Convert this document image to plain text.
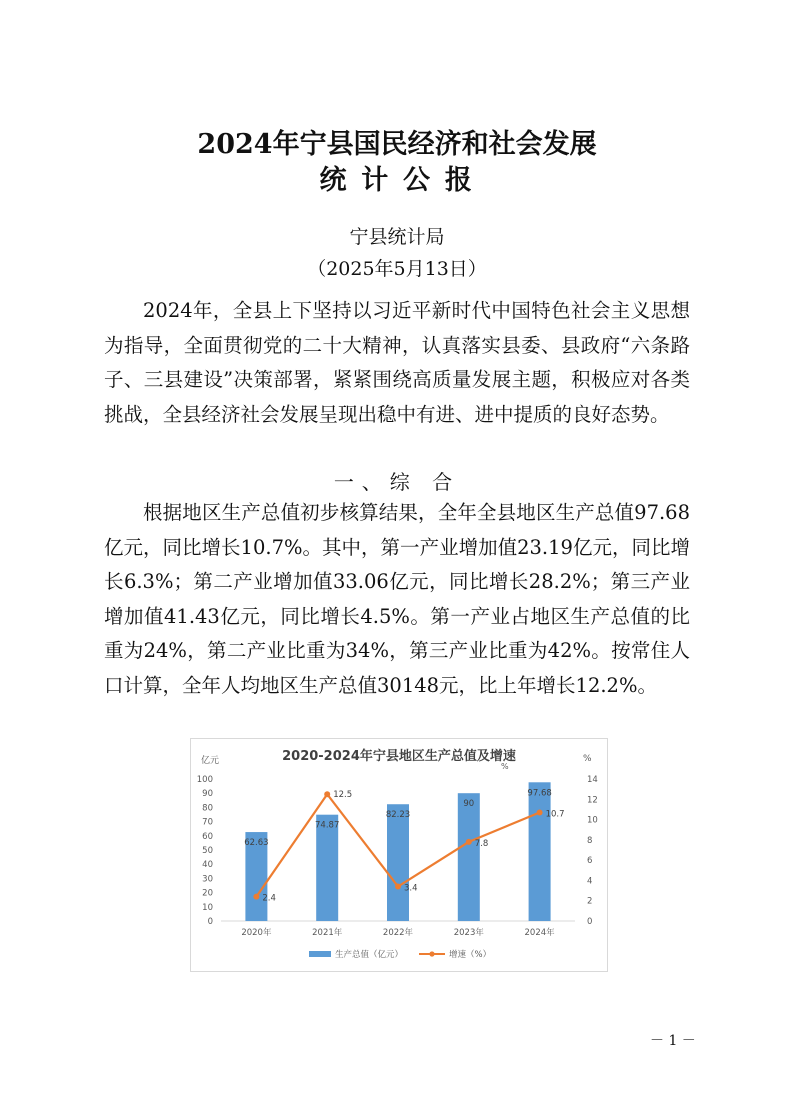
2024年宁县国民经济和社会发展
统 计 公 报
宁县统计局
（2025年5月13日）

2024年，全县上下坚持以习近平新时代中国特色社会主义思想为指导，全面贯彻党的二十大精神，认真落实县委、县政府“六条路子、三县建设”决策部署，紧紧围绕高质量发展主题，积极应对各类挑战，全县经济社会发展呈现出稳中有进、进中提质的良好态势。

一、综 合

根据地区生产总值初步核算结果，全年全县地区生产总值97.68亿元，同比增长10.7%。其中，第一产业增加值23.19亿元，同比增长6.3%；第二产业增加值33.06亿元，同比增长28.2%；第三产业增加值41.43亿元，同比增长4.5%。第一产业占地区生产总值的比重为24%，第二产业比重为34%，第三产业比重为42%。按常住人口计算，全年人均地区生产总值30148元，比上年增长12.2%。

2020-2024年宁县地区生产总值及增速
亿元	%
%
100
90
80
70
60
50
40
30
20
10
0
14
12
10
8
6
4
2
0
62.63
74.87
82.23
90
97.68
2.4
12.5
3.4
7.8
10.7
2020年	2021年	2022年	2023年	2024年
生产总值（亿元）	增速（%）
－ 1 －
